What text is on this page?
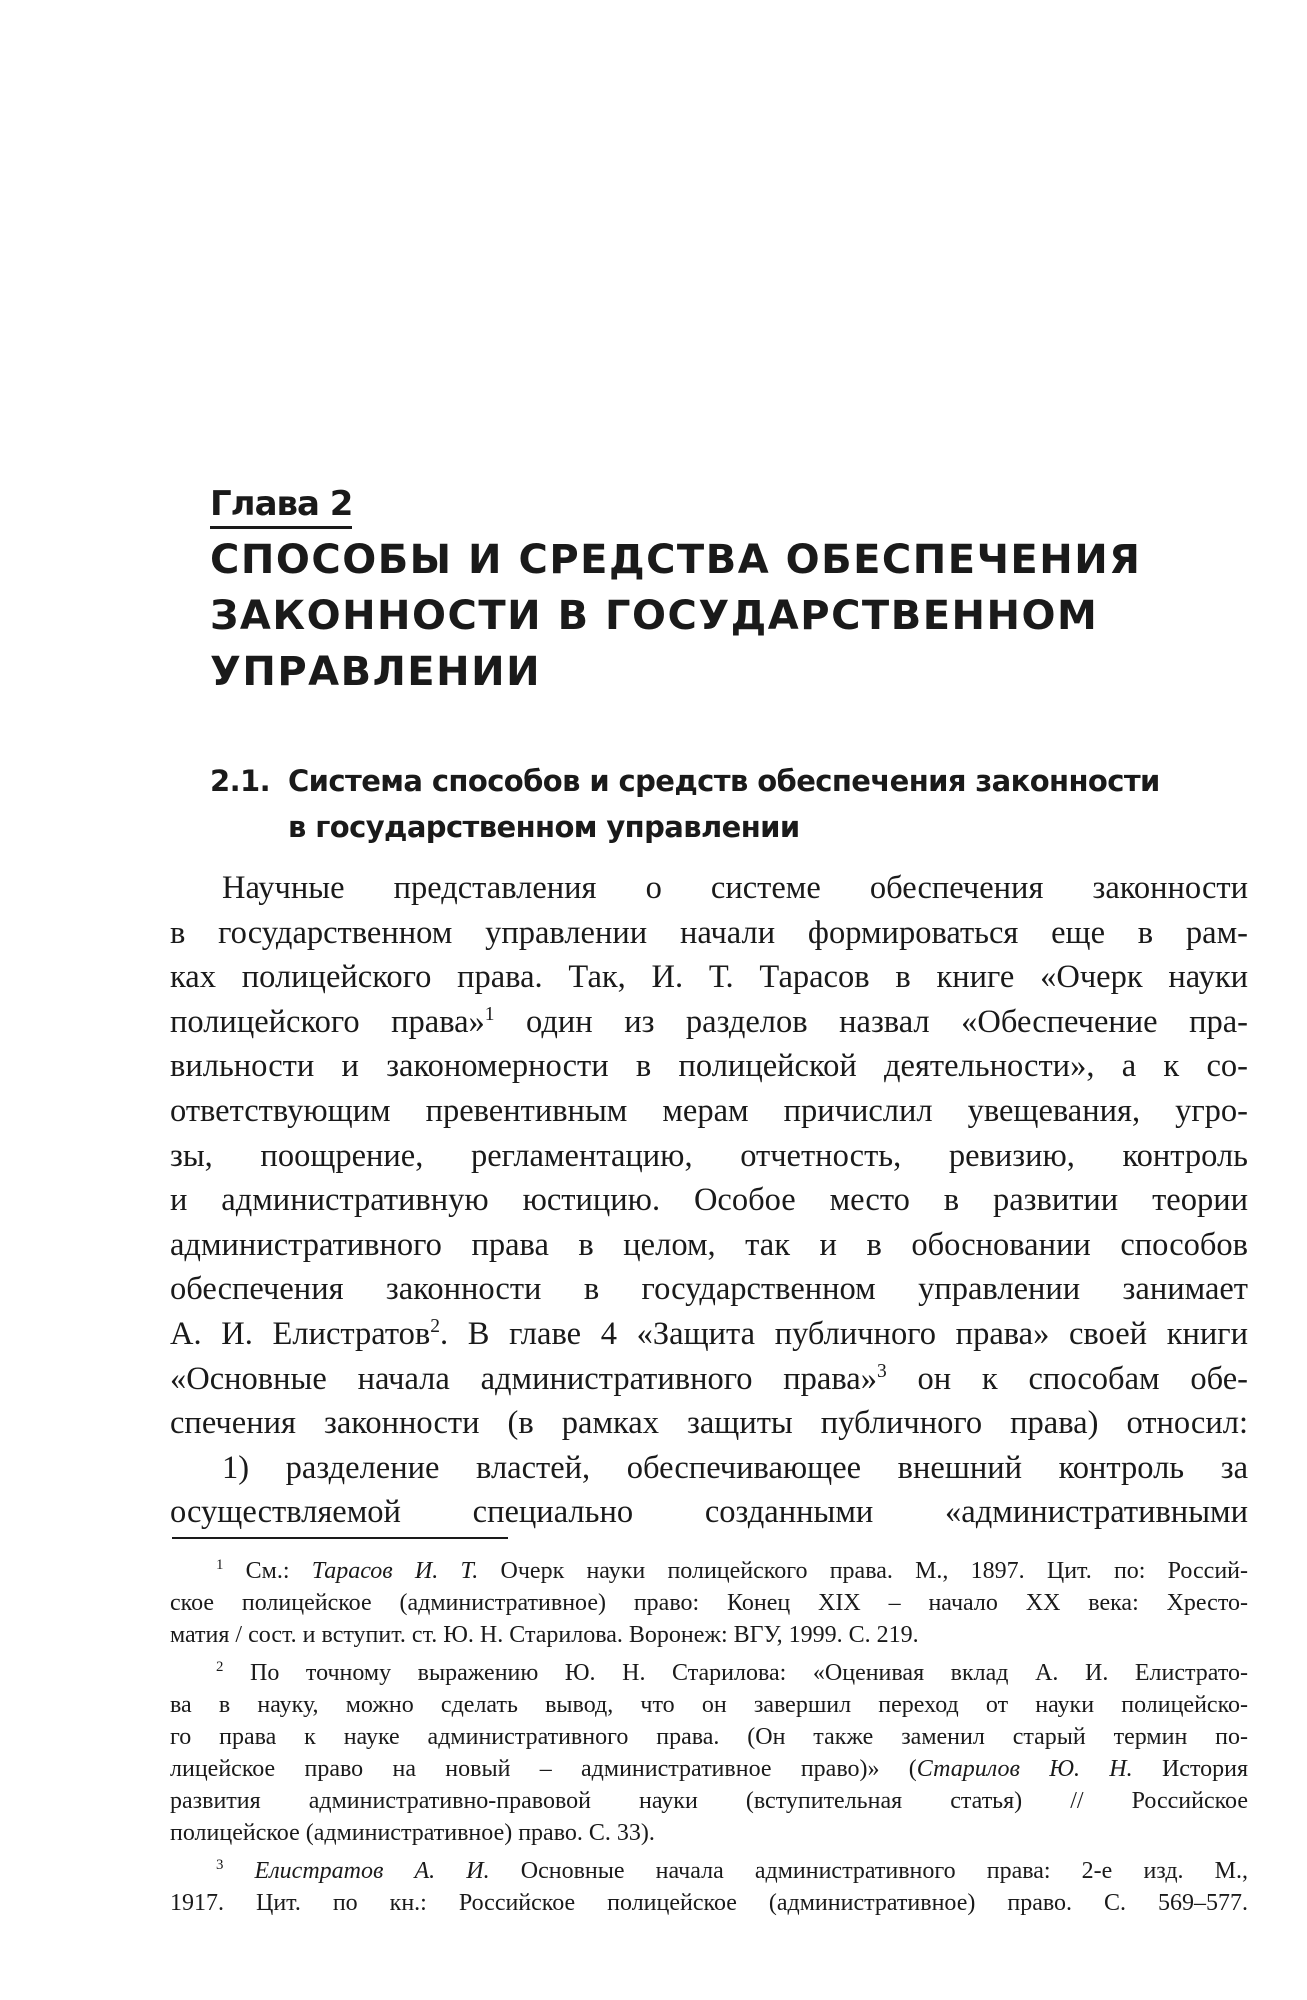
Глава 2
СПОСОБЫ И СРЕДСТВА ОБЕСПЕЧЕНИЯ
ЗАКОННОСТИ В ГОСУДАРСТВЕННОМ
УПРАВЛЕНИИ
2.1. Система способов и средств обеспечения законности
в государственном управлении
Научные представления о системе обеспечения законности
в государственном управлении начали формироваться еще в рам-
ках полицейского права. Так, И. Т. Тарасов в книге «Очерк науки
полицейского права»$^1$ один из разделов назвал «Обеспечение пра-
вильности и закономерности в полицейской деятельности», а к со-
ответствующим превентивным мерам причислил увещевания, угро-
зы, поощрение, регламентацию, отчетность, ревизию, контроль
и административную юстицию. Особое место в развитии теории
административного права в целом, так и в обосновании способов
обеспечения законности в государственном управлении занимает
А. И. Елистратов$^2$. В главе 4 «Защита публичного права» своей книги
«Основные начала административного права»$^3$ он к способам обе-
спечения законности (в рамках защиты публичного права) относил:
1) разделение властей, обеспечивающее внешний контроль за
осуществляемой специально созданными «административными
$^1$ См.: Тарасов И. Т. Очерк науки полицейского права. М., 1897. Цит. по: Россий-
ское полицейское (административное) право: Конец XIX – начало XX века: Хресто-
матия / сост. и вступит. ст. Ю. Н. Старилова. Воронеж: ВГУ, 1999. С. 219.
$^2$ По точному выражению Ю. Н. Старилова: «Оценивая вклад А. И. Елистрато-
ва в науку, можно сделать вывод, что он завершил переход от науки полицейско-
го права к науке административного права. (Он также заменил старый термин по-
лицейское право на новый – административное право)» (Старилов Ю. Н. История
развития административно-правовой науки (вступительная статья) // Российское
полицейское (административное) право. С. 33).
$^3$ Елистратов А. И. Основные начала административного права: 2-е изд. М.,
1917. Цит. по кн.: Российское полицейское (административное) право. С. 569–577.
